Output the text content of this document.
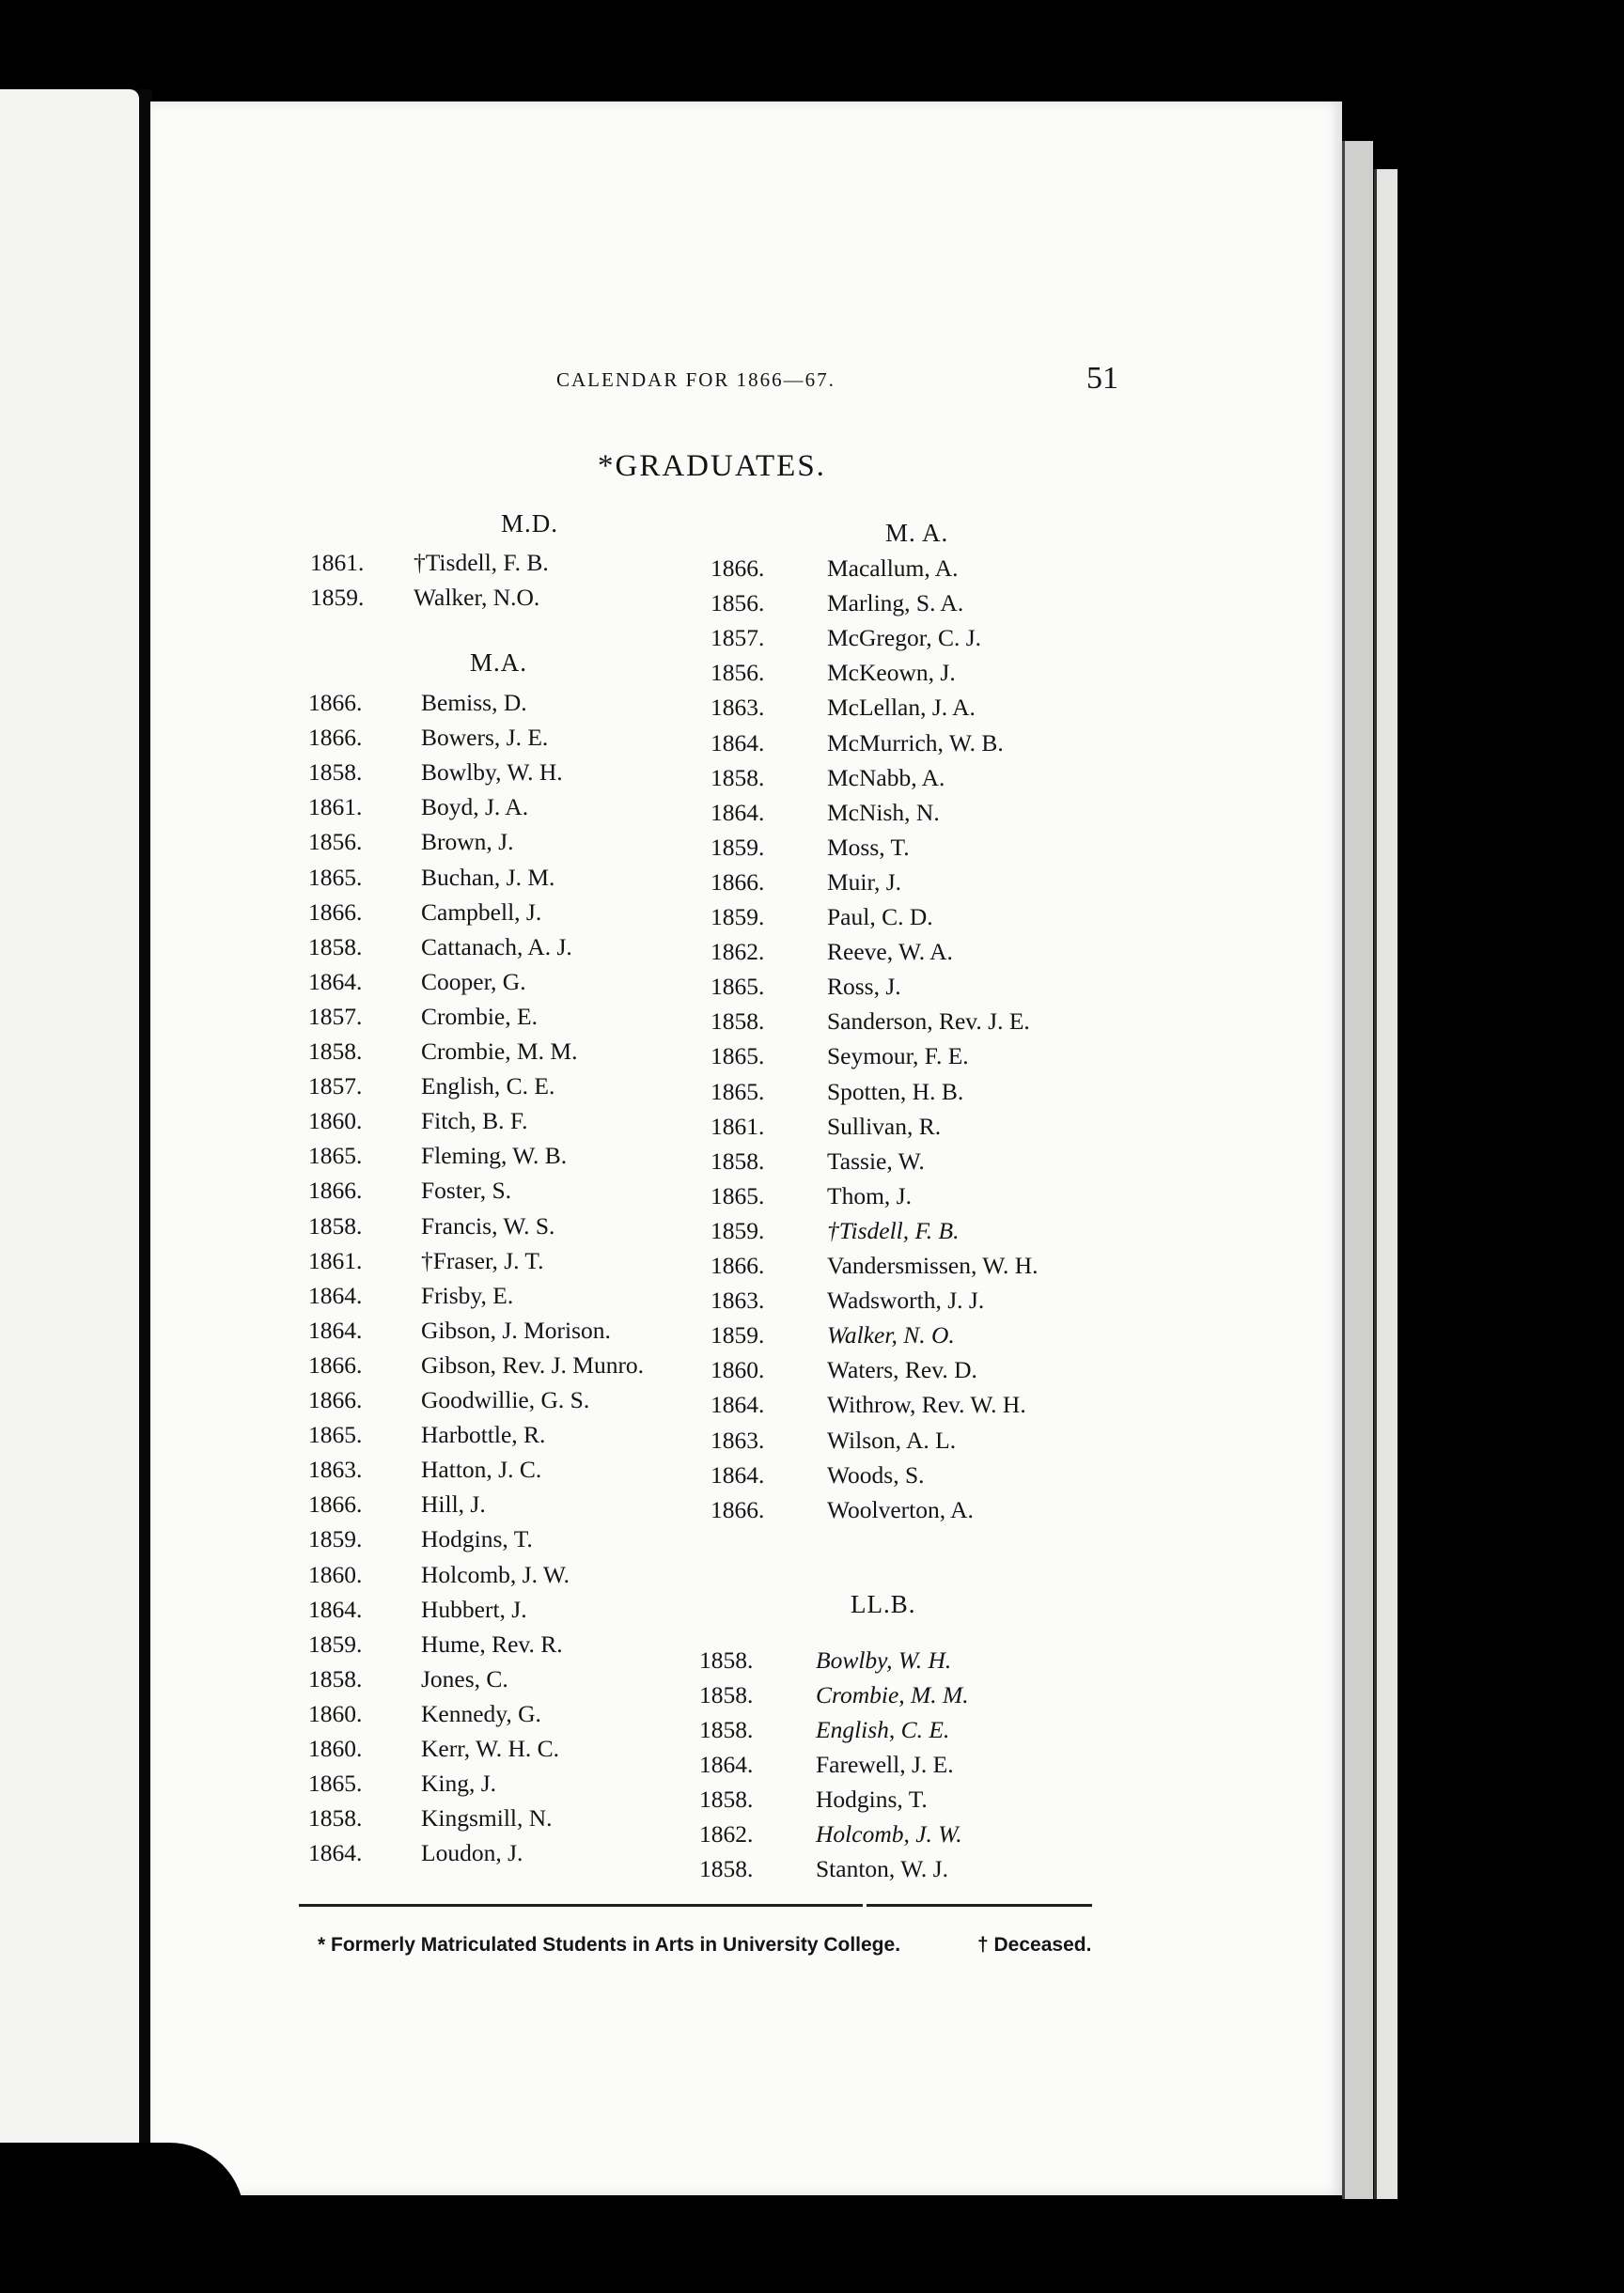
CALENDAR FOR 1866—67.	51
*GRADUATES.
M.D.
M.A.
M. A.
LL.B.
1861. †Tisdell, F. B.
1859. Walker, N.O.
1866. Bemiss, D.
1866. Bowers, J. E.
1858. Bowlby, W. H.
1861. Boyd, J. A.
1856. Brown, J.
1865. Buchan, J. M.
1866. Campbell, J.
1858. Cattanach, A. J.
1864. Cooper, G.
1857. Crombie, E.
1858. Crombie, M. M.
1857. English, C. E.
1860. Fitch, B. F.
1865. Fleming, W. B.
1866. Foster, S.
1858. Francis, W. S.
1861. †Fraser, J. T.
1864. Frisby, E.
1864. Gibson, J. Morison.
1866. Gibson, Rev. J. Munro.
1866. Goodwillie, G. S.
1865. Harbottle, R.
1863. Hatton, J. C.
1866. Hill, J.
1859. Hodgins, T.
1860. Holcomb, J. W.
1864. Hubbert, J.
1859. Hume, Rev. R.
1858. Jones, C.
1860. Kennedy, G.
1860. Kerr, W. H. C.
1865. King, J.
1858. Kingsmill, N.
1864. Loudon, J.
1866.	Macallum, A.
1856.	Marling, S. A.
1857.	McGregor, C. J.
1856.	McKeown, J.
1863.	McLellan, J. A.
1864.	McMurrich, W. B.
1858.	McNabb, A.
1864.	McNish, N.
1859.	Moss, T.
1866.	Muir, J.
1859.	Paul, C. D.
1862.	Reeve, W. A.
1865.	Ross, J.
1858.	Sanderson, Rev. J. E.
1865.	Seymour, F. E.
1865.	Spotten, H. B.
1861.	Sullivan, R.
1858.	Tassie, W.
1865.	Thom, J.
1859.	†Tisdell, F. B.
1866.	Vandersmissen, W. H.
1863.	Wadsworth, J. J.
1859.	Walker, N. O.
1860.	Waters, Rev. D.
1864.	Withrow, Rev. W. H.
1863.	Wilson, A. L.
1864.	Woods, S.
1866.	Woolverton, A.
1858.	Bowlby, W. H.
1858.	Crombie, M. M.
1858.	English, C. E.
1864.	Farewell, J. E.
1858.	Hodgins, T.
1862.	Holcomb, J. W.
1858.	Stanton, W. J.
* Formerly Matriculated Students in Arts in University College.	† Deceased.
